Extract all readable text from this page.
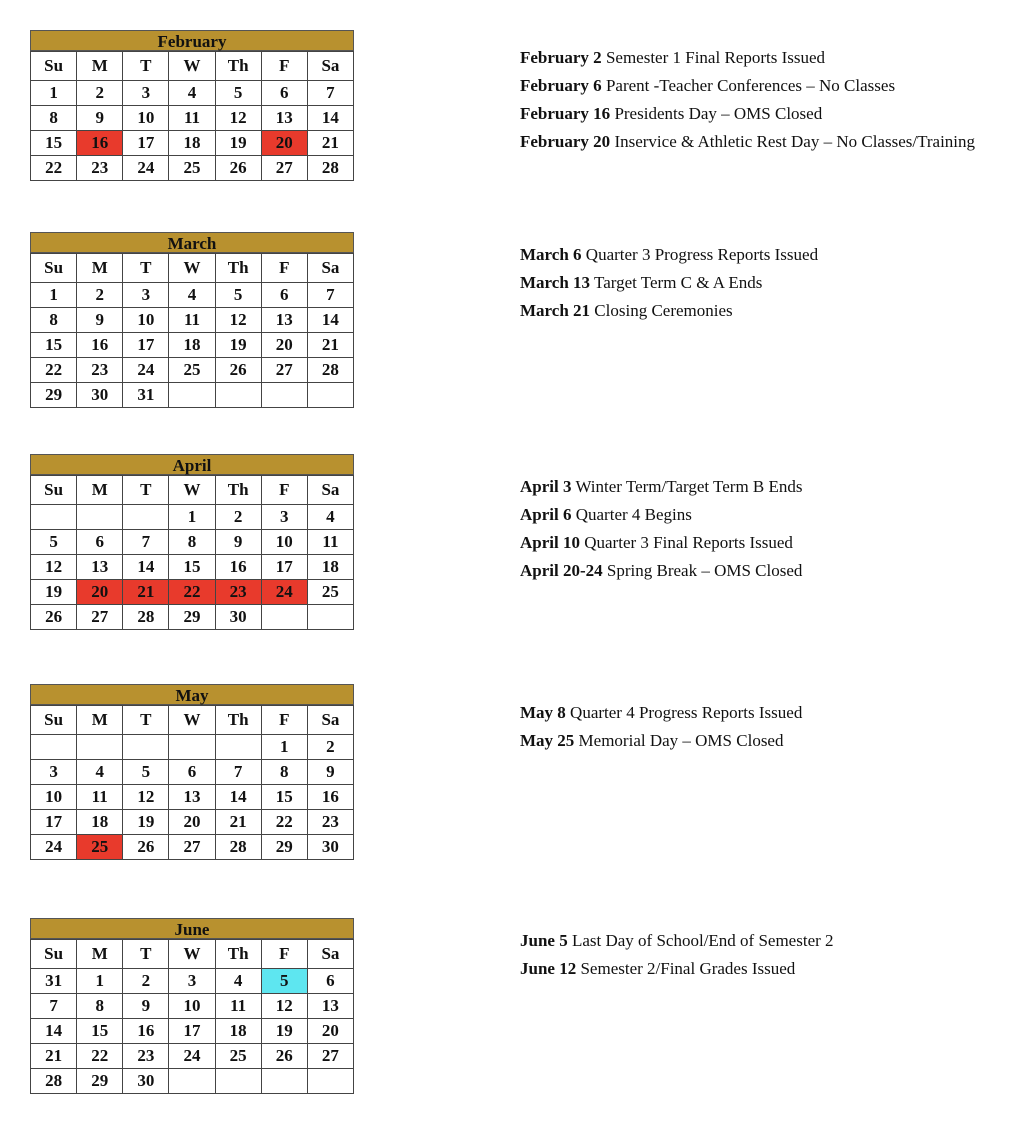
February
Su	M	T	W	Th	F	Sa
1	2	3	4	5	6	7
8	9	10	11	12	13	14
15	16	17	18	19	20	21
22	23	24	25	26	27	28
February 2 Semester 1 Final Reports Issued
February 6 Parent -Teacher Conferences – No Classes
February 16 Presidents Day – OMS Closed
February 20 Inservice & Athletic Rest Day – No Classes/Training
March
Su	M	T	W	Th	F	Sa
1	2	3	4	5	6	7
8	9	10	11	12	13	14
15	16	17	18	19	20	21
22	23	24	25	26	27	28
29	30	31				
March 6 Quarter 3 Progress Reports Issued
March 13 Target Term C & A Ends
March 21 Closing Ceremonies
April
Su	M	T	W	Th	F	Sa
			1	2	3	4
5	6	7	8	9	10	11
12	13	14	15	16	17	18
19	20	21	22	23	24	25
26	27	28	29	30		
April 3 Winter Term/Target Term B Ends
April 6 Quarter 4 Begins
April 10 Quarter 3 Final Reports Issued
April 20-24 Spring Break – OMS Closed
May
Su	M	T	W	Th	F	Sa
					1	2
3	4	5	6	7	8	9
10	11	12	13	14	15	16
17	18	19	20	21	22	23
24	25	26	27	28	29	30
May 8 Quarter 4 Progress Reports Issued
May 25 Memorial Day – OMS Closed
June
Su	M	T	W	Th	F	Sa
31	1	2	3	4	5	6
7	8	9	10	11	12	13
14	15	16	17	18	19	20
21	22	23	24	25	26	27
28	29	30				
June 5 Last Day of School/End of Semester 2
June 12 Semester 2/Final Grades Issued
